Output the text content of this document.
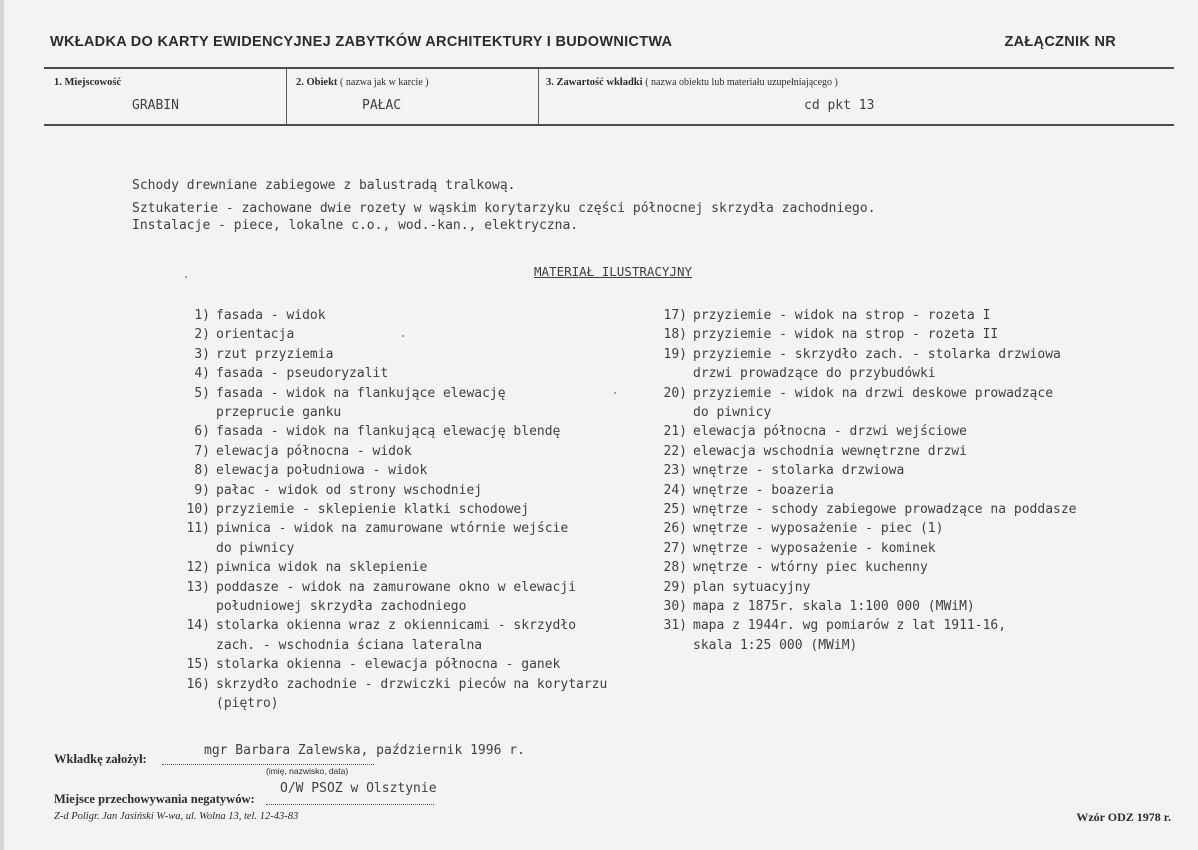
WKŁADKA DO KARTY EWIDENCYJNEJ ZABYTKÓW ARCHITEKTURY I BUDOWNICTWA	ZAŁĄCZNIK NR
1. Miejscowość
GRABIN
2. Obiekt ( nazwa jak w karcie )
PAŁAC
3. Zawartość wkładki ( nazwa obiektu lub materiału uzupełniającego )
cd pkt 13
Schody drewniane zabiegowe z balustradą tralkową.
Sztukaterie - zachowane dwie rozety w wąskim korytarzyku części północnej skrzydła zachodniego.
Instalacje - piece, lokalne c.o., wod.-kan., elektryczna.
MATERIAŁ ILUSTRACYJNY
1) fasada - widok
2) orientacja
3) rzut przyziemia
4) fasada - pseudoryzalit
5) fasada - widok na flankujące elewację
przeprucie ganku
6) fasada - widok na flankującą elewację blendę
7) elewacja północna - widok
8) elewacja południowa - widok
9) pałac - widok od strony wschodniej
10) przyziemie - sklepienie klatki schodowej
11) piwnica - widok na zamurowane wtórnie wejście
do piwnicy
12) piwnica widok na sklepienie
13) poddasze - widok na zamurowane okno w elewacji
południowej skrzydła zachodniego
14) stolarka okienna wraz z okiennicami - skrzydło
zach. - wschodnia ściana lateralna
15) stolarka okienna - elewacja północna - ganek
16) skrzydło zachodnie - drzwiczki pieców na korytarzu
(piętro)
17) przyziemie - widok na strop - rozeta I
18) przyziemie - widok na strop - rozeta II
19) przyziemie - skrzydło zach. - stolarka drzwiowa
drzwi prowadzące do przybudówki
20) przyziemie - widok na drzwi deskowe prowadzące
do piwnicy
21) elewacja północna - drzwi wejściowe
22) elewacja wschodnia wewnętrzne drzwi
23) wnętrze - stolarka drzwiowa
24) wnętrze - boazeria
25) wnętrze - schody zabiegowe prowadzące na poddasze
26) wnętrze - wyposażenie - piec (1)
27) wnętrze - wyposażenie - kominek
28) wnętrze - wtórny piec kuchenny
29) plan sytuacyjny
30) mapa z 1875r. skala 1:100 000 (MWiM)
31) mapa z 1944r. wg pomiarów z lat 1911-16,
skala 1:25 000 (MWiM)
Wkładkę założył:
mgr Barbara Zalewska, październik 1996 r.
(imię, nazwisko, data)
Miejsce przechowywania negatywów:
O/W PSOZ w Olsztynie
Z-d Poligr. Jan Jasiński W-wa, ul. Wolna 13, tel. 12-43-83	Wzór ODZ 1978 r.
